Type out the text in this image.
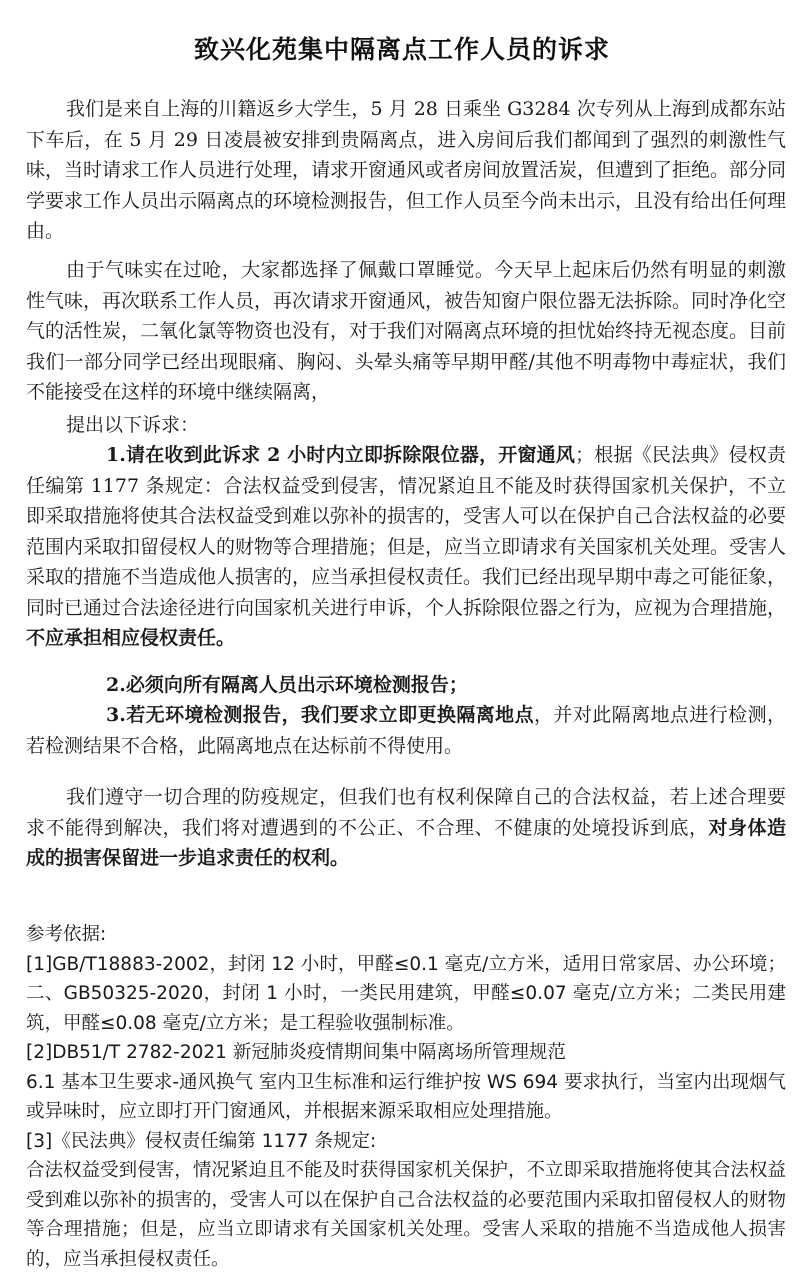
致兴化苑集中隔离点工作人员的诉求
我们是来自上海的川籍返乡大学生，5 月 28 日乘坐 G3284 次专列从上海到成都东站下车后，在 5 月 29 日凌晨被安排到贵隔离点，进入房间后我们都闻到了强烈的刺激性气味，当时请求工作人员进行处理，请求开窗通风或者房间放置活炭，但遭到了拒绝。部分同学要求工作人员出示隔离点的环境检测报告，但工作人员至今尚未出示，且没有给出任何理由。
由于气味实在过呛，大家都选择了佩戴口罩睡觉。今天早上起床后仍然有明显的刺激性气味，再次联系工作人员，再次请求开窗通风，被告知窗户限位器无法拆除。同时净化空气的活性炭，二氧化氯等物资也没有，对于我们对隔离点环境的担忧始终持无视态度。目前我们一部分同学已经出现眼痛、胸闷、头晕头痛等早期甲醛/其他不明毒物中毒症状，我们不能接受在这样的环境中继续隔离，
提出以下诉求：
1.请在收到此诉求 2 小时内立即拆除限位器，开窗通风；根据《民法典》侵权责任编第 1177 条规定：合法权益受到侵害，情况紧迫且不能及时获得国家机关保护，不立即采取措施将使其合法权益受到难以弥补的损害的，受害人可以在保护自己合法权益的必要范围内采取扣留侵权人的财物等合理措施；但是，应当立即请求有关国家机关处理。受害人采取的措施不当造成他人损害的，应当承担侵权责任。我们已经出现早期中毒之可能征象，同时已通过合法途径进行向国家机关进行申诉，个人拆除限位器之行为，应视为合理措施，不应承担相应侵权责任。
2.必须向所有隔离人员出示环境检测报告；
3.若无环境检测报告，我们要求立即更换隔离地点，并对此隔离地点进行检测，若检测结果不合格，此隔离地点在达标前不得使用。
我们遵守一切合理的防疫规定，但我们也有权利保障自己的合法权益，若上述合理要求不能得到解决，我们将对遭遇到的不公正、不合理、不健康的处境投诉到底，对身体造成的损害保留进一步追求责任的权利。
参考依据:
[1]GB/T18883-2002，封闭 12 小时，甲醛≤0.1 毫克/立方米，适用日常家居、办公环境； 二、GB50325-2020，封闭 1 小时，一类民用建筑，甲醛≤0.07 毫克/立方米；二类民用建筑，甲醛≤0.08 毫克/立方米；是工程验收强制标准。
[2]DB51/T 2782-2021 新冠肺炎疫情期间集中隔离场所管理规范
6.1 基本卫生要求-通风换气 室内卫生标准和运行维护按 WS 694 要求执行，当室内出现烟气或异味时，应立即打开门窗通风，并根据来源采取相应处理措施。
[3]《民法典》侵权责任编第 1177 条规定:
合法权益受到侵害，情况紧迫且不能及时获得国家机关保护，不立即采取措施将使其合法权益受到难以弥补的损害的，受害人可以在保护自己合法权益的必要范围内采取扣留侵权人的财物等合理措施；但是，应当立即请求有关国家机关处理。受害人采取的措施不当造成他人损害的，应当承担侵权责任。
